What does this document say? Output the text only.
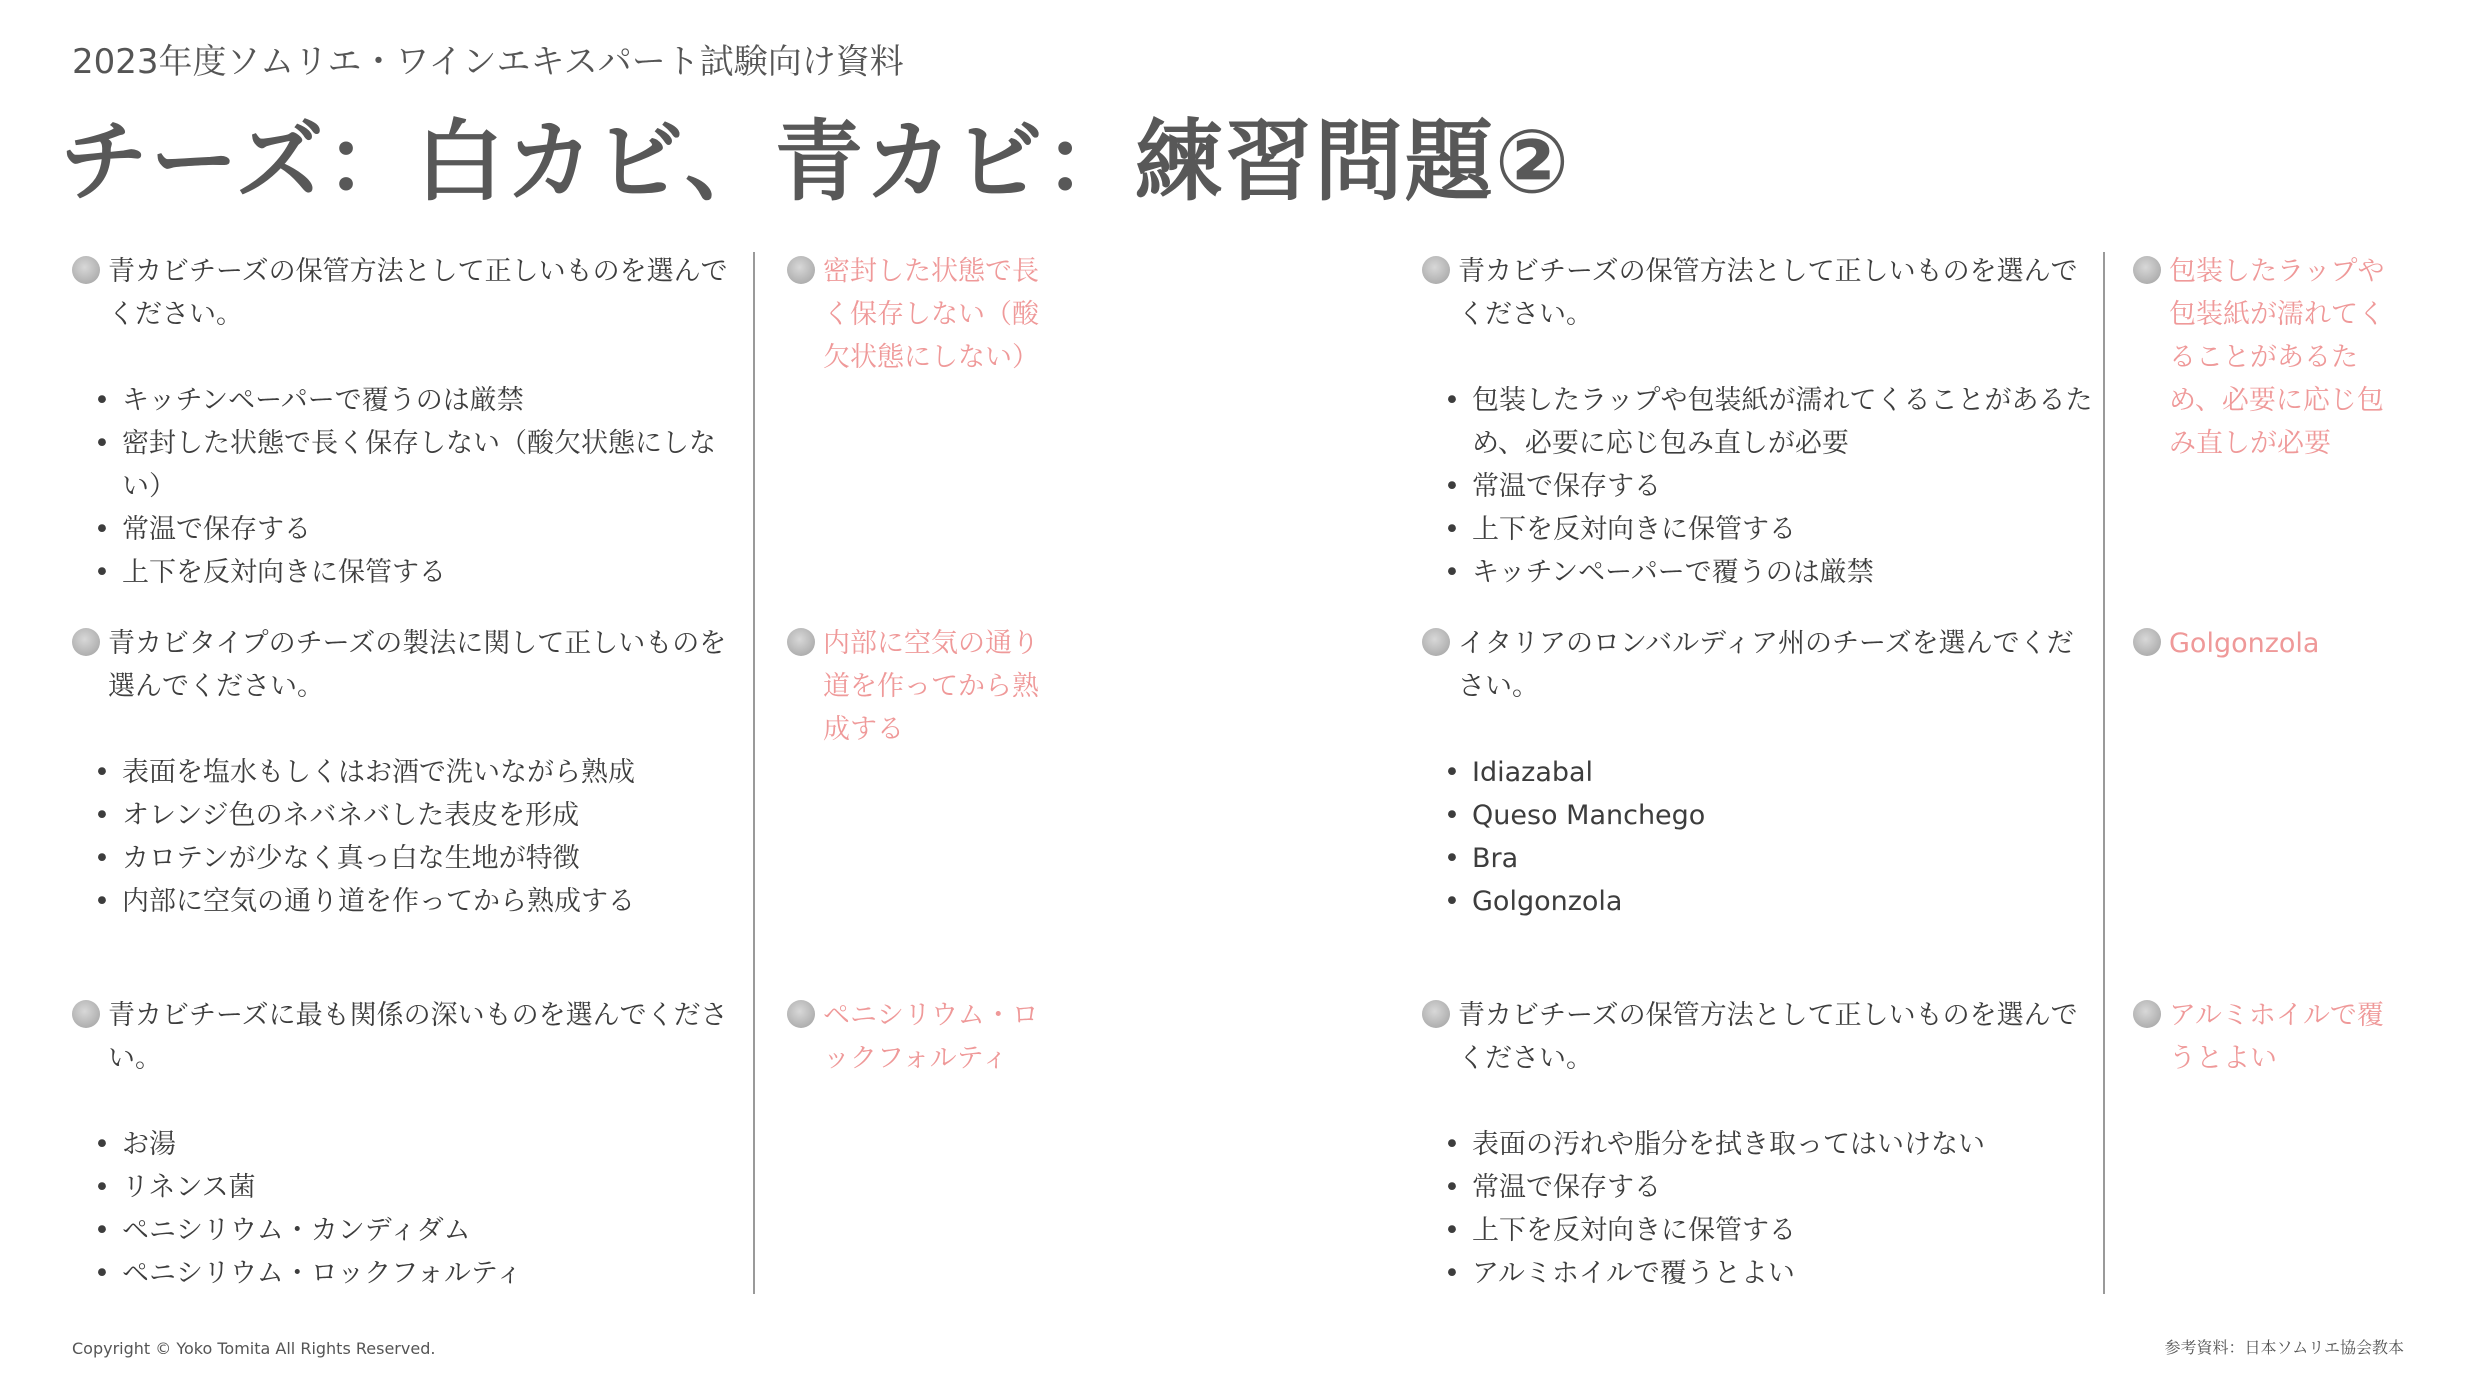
2023年度ソムリエ・ワインエキスパート試験向け資料
チーズ：白カビ、青カビ：練習問題②
青カビチーズの保管方法として正しいものを選んでください。
• キッチンペーパーで覆うのは厳禁
• 密封した状態で長く保存しない（酸欠状態にしない）
• 常温で保存する
• 上下を反対向きに保管する
青カビタイプのチーズの製法に関して正しいものを選んでください。
• 表面を塩水もしくはお酒で洗いながら熟成
• オレンジ色のネバネバした表皮を形成
• カロテンが少なく真っ白な生地が特徴
• 内部に空気の通り道を作ってから熟成する
青カビチーズに最も関係の深いものを選んでください。
• お湯
• リネンス菌
• ペニシリウム・カンディダム
• ペニシリウム・ロックフォルティ
密封した状態で長く保存しない（酸欠状態にしない）
内部に空気の通り道を作ってから熟成する
ペニシリウム・ロックフォルティ
青カビチーズの保管方法として正しいものを選んでください。
• 包装したラップや包装紙が濡れてくることがあるため、必要に応じ包み直しが必要
• 常温で保存する
• 上下を反対向きに保管する
• キッチンペーパーで覆うのは厳禁
イタリアのロンバルディア州のチーズを選んでください。
• Idiazabal
• Queso Manchego
• Bra
• Golgonzola
青カビチーズの保管方法として正しいものを選んでください。
• 表面の汚れや脂分を拭き取ってはいけない
• 常温で保存する
• 上下を反対向きに保管する
• アルミホイルで覆うとよい
包装したラップや包装紙が濡れてくることがあるため、必要に応じ包み直しが必要
Golgonzola
アルミホイルで覆うとよい
Copyright © Yoko Tomita All Rights Reserved.	参考資料：日本ソムリエ協会教本
